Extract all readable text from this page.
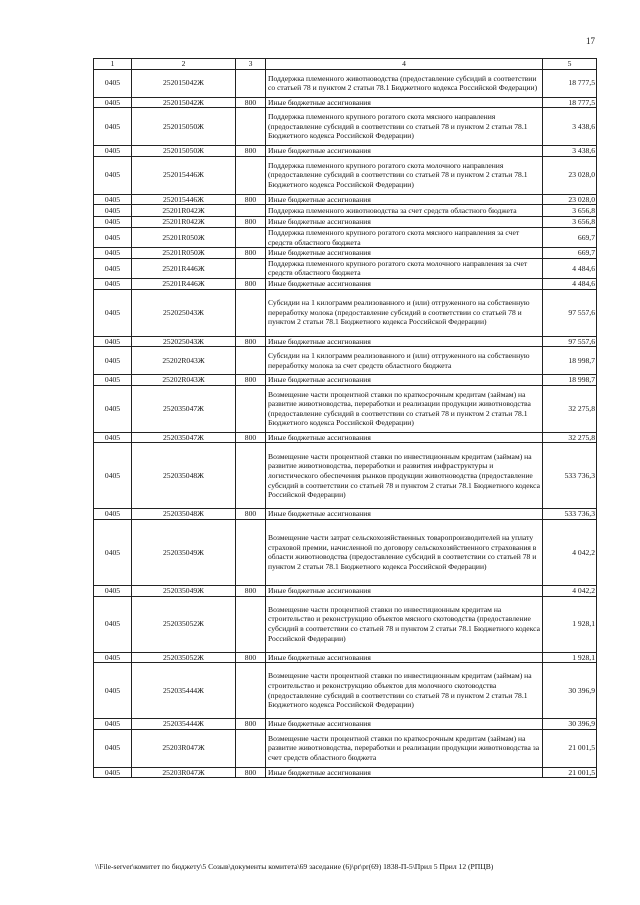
17
1	2	3	4	5
0405	252015042Ж		Поддержка племенного животноводства (предоставление субсидий в соответствии со статьей 78 и пунктом 2 статьи 78.1 Бюджетного кодекса Российской Федерации)	18 777,5
0405	252015042Ж	800	Иные бюджетные ассигнования	18 777,5
0405	252015050Ж		Поддержка племенного крупного рогатого скота мясного направления (предоставление субсидий в соответствии со статьей 78 и пунктом 2 статьи 78.1 Бюджетного кодекса Российской Федерации)	3 438,6
0405	252015050Ж	800	Иные бюджетные ассигнования	3 438,6
0405	252015446Ж		Поддержка племенного крупного рогатого скота молочного направления (предоставление субсидий в соответствии со статьей 78 и пунктом 2 статьи 78.1 Бюджетного кодекса Российской Федерации)	23 028,0
0405	252015446Ж	800	Иные бюджетные ассигнования	23 028,0
0405	25201R042Ж		Поддержка племенного животноводства за счет средств областного бюджета	3 656,8
0405	25201R042Ж	800	Иные бюджетные ассигнования	3 656,8
0405	25201R050Ж		Поддержка племенного крупного рогатого скота мясного направления за счет средств областного бюджета	669,7
0405	25201R050Ж	800	Иные бюджетные ассигнования	669,7
0405	25201R446Ж		Поддержка племенного крупного рогатого скота молочного направления за счет средств областного бюджета	4 484,6
0405	25201R446Ж	800	Иные бюджетные ассигнования	4 484,6
0405	252025043Ж		Субсидии на 1 килограмм реализованного и (или) отгруженного на собственную переработку молока (предоставление субсидий в соответствии со статьей 78 и пунктом 2 статьи 78.1 Бюджетного кодекса Российской Федерации)	97 557,6
0405	252025043Ж	800	Иные бюджетные ассигнования	97 557,6
0405	25202R043Ж		Субсидии на 1 килограмм реализованного и (или) отгруженного на собственную переработку молока за счет средств областного бюджета	18 998,7
0405	25202R043Ж	800	Иные бюджетные ассигнования	18 998,7
0405	252035047Ж		Возмещение части процентной ставки по краткосрочным кредитам (займам) на развитие животноводства, переработки и реализации продукции животноводства (предоставление субсидий в соответствии со статьей 78 и пунктом 2 статьи 78.1 Бюджетного кодекса Российской Федерации)	32 275,8
0405	252035047Ж	800	Иные бюджетные ассигнования	32 275,8
0405	252035048Ж		Возмещение части процентной ставки по инвестиционным кредитам (займам) на развитие животноводства, переработки и развития инфраструктуры и логистического обеспечения рынков продукции животноводства (предоставление субсидий в соответствии со статьей 78 и пунктом 2 статьи 78.1 Бюджетного кодекса Российской Федерации)	533 736,3
0405	252035048Ж	800	Иные бюджетные ассигнования	533 736,3
0405	252035049Ж		Возмещение части затрат сельскохозяйственных товаропроизводителей на уплату страховой премии, начисленной по договору сельскохозяйственного страхования в области животноводства (предоставление субсидий в соответствии со статьей 78 и пунктом 2 статьи 78.1 Бюджетного кодекса Российской Федерации)	4 042,2
0405	252035049Ж	800	Иные бюджетные ассигнования	4 042,2
0405	252035052Ж		Возмещение части процентной ставки по инвестиционным кредитам на строительство и реконструкцию объектов мясного скотоводства (предоставление субсидий в соответствии со статьей 78 и пунктом 2 статьи 78.1 Бюджетного кодекса Российской Федерации)	1 928,1
0405	252035052Ж	800	Иные бюджетные ассигнования	1 928,1
0405	252035444Ж		Возмещение части процентной ставки по инвестиционным кредитам (займам) на строительство и реконструкцию объектов для молочного скотоводства (предоставление субсидий в соответствии со статьей 78 и пунктом 2 статьи 78.1 Бюджетного кодекса Российской Федерации)	30 396,9
0405	252035444Ж	800	Иные бюджетные ассигнования	30 396,9
0405	25203R047Ж		Возмещение части процентной ставки по краткосрочным кредитам (займам) на развитие животноводства, переработки и реализации продукции животноводства за счет средств областного бюджета	21 001,5
0405	25203R047Ж	800	Иные бюджетные ассигнования	21 001,5
\\File-server\комитет по бюджету\5 Созыв\документы комитета\69 заседание (6)\pr\pr(69) 1838-П-5\Прил 5 Прил 12 (РПЦВ)
